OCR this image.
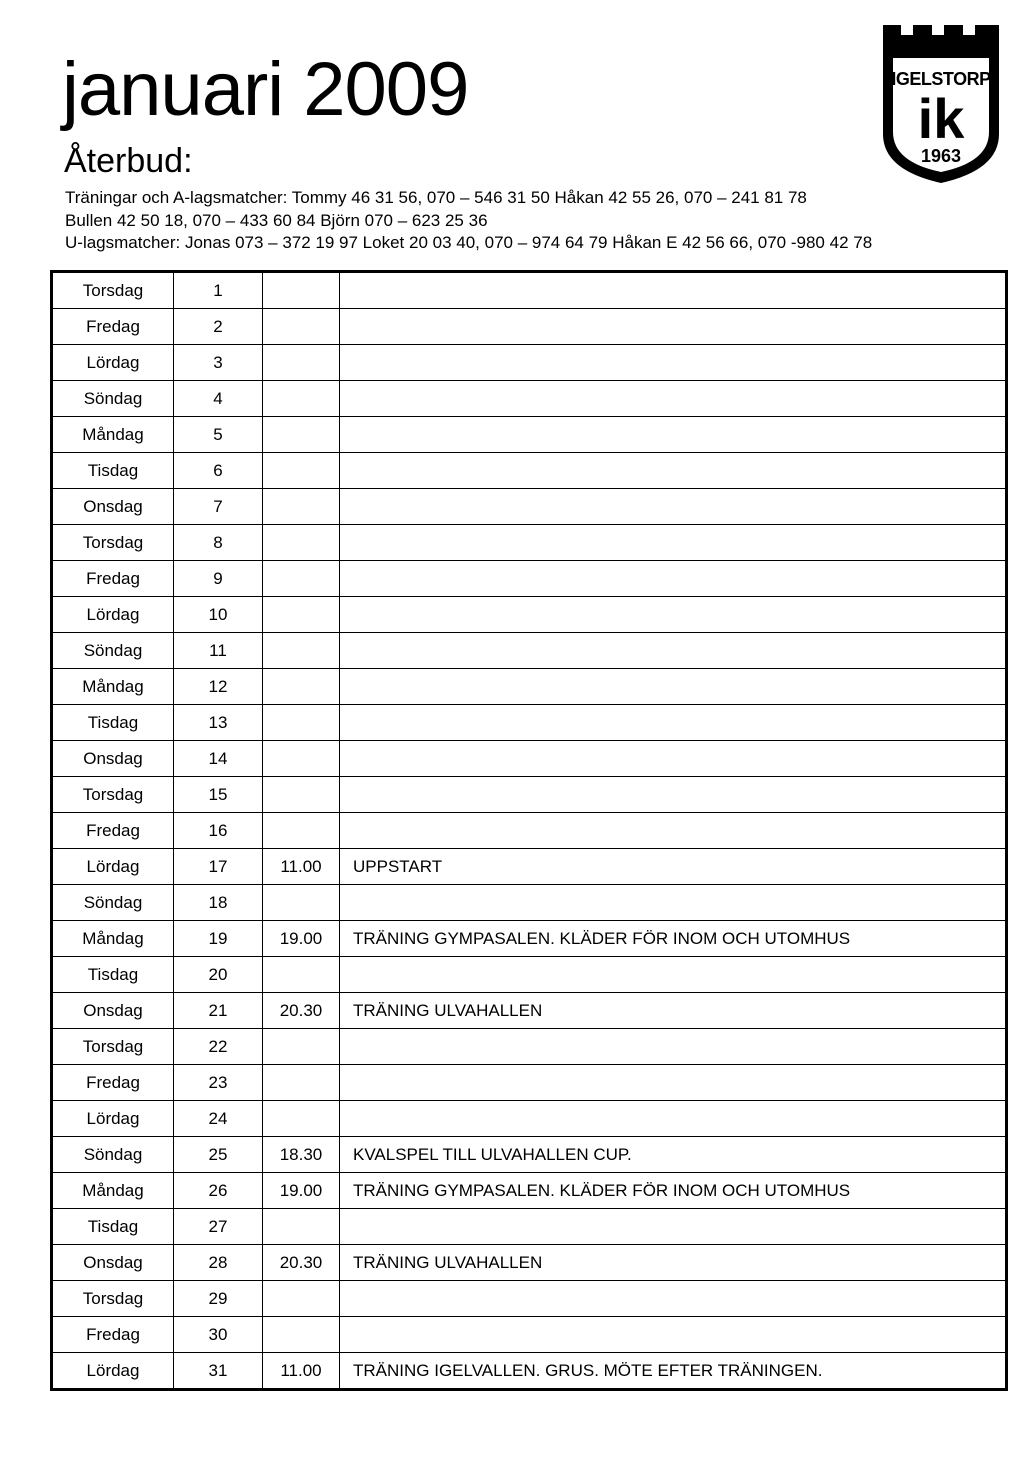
januari 2009
Återbud:
Träningar och A-lagsmatcher: Tommy 46 31 56, 070 – 546 31 50 Håkan 42 55 26, 070 – 241 81 78
Bullen 42 50 18, 070 – 433 60 84 Björn 070 – 623 25 36
U-lagsmatcher: Jonas 073 – 372 19 97 Loket 20 03 40, 070 – 974 64 79 Håkan E 42 56 66, 070 -980 42 78
IGELSTORP
ik
1963
Torsdag	1		
Fredag	2		
Lördag	3		
Söndag	4		
Måndag	5		
Tisdag	6		
Onsdag	7		
Torsdag	8		
Fredag	9		
Lördag	10		
Söndag	11		
Måndag	12		
Tisdag	13		
Onsdag	14		
Torsdag	15		
Fredag	16		
Lördag	17	11.00	UPPSTART
Söndag	18		
Måndag	19	19.00	TRÄNING GYMPASALEN. KLÄDER FÖR INOM OCH UTOMHUS
Tisdag	20		
Onsdag	21	20.30	TRÄNING ULVAHALLEN
Torsdag	22		
Fredag	23		
Lördag	24		
Söndag	25	18.30	KVALSPEL TILL ULVAHALLEN CUP.
Måndag	26	19.00	TRÄNING GYMPASALEN. KLÄDER FÖR INOM OCH UTOMHUS
Tisdag	27		
Onsdag	28	20.30	TRÄNING ULVAHALLEN
Torsdag	29		
Fredag	30		
Lördag	31	11.00	TRÄNING IGELVALLEN. GRUS. MÖTE EFTER TRÄNINGEN.
